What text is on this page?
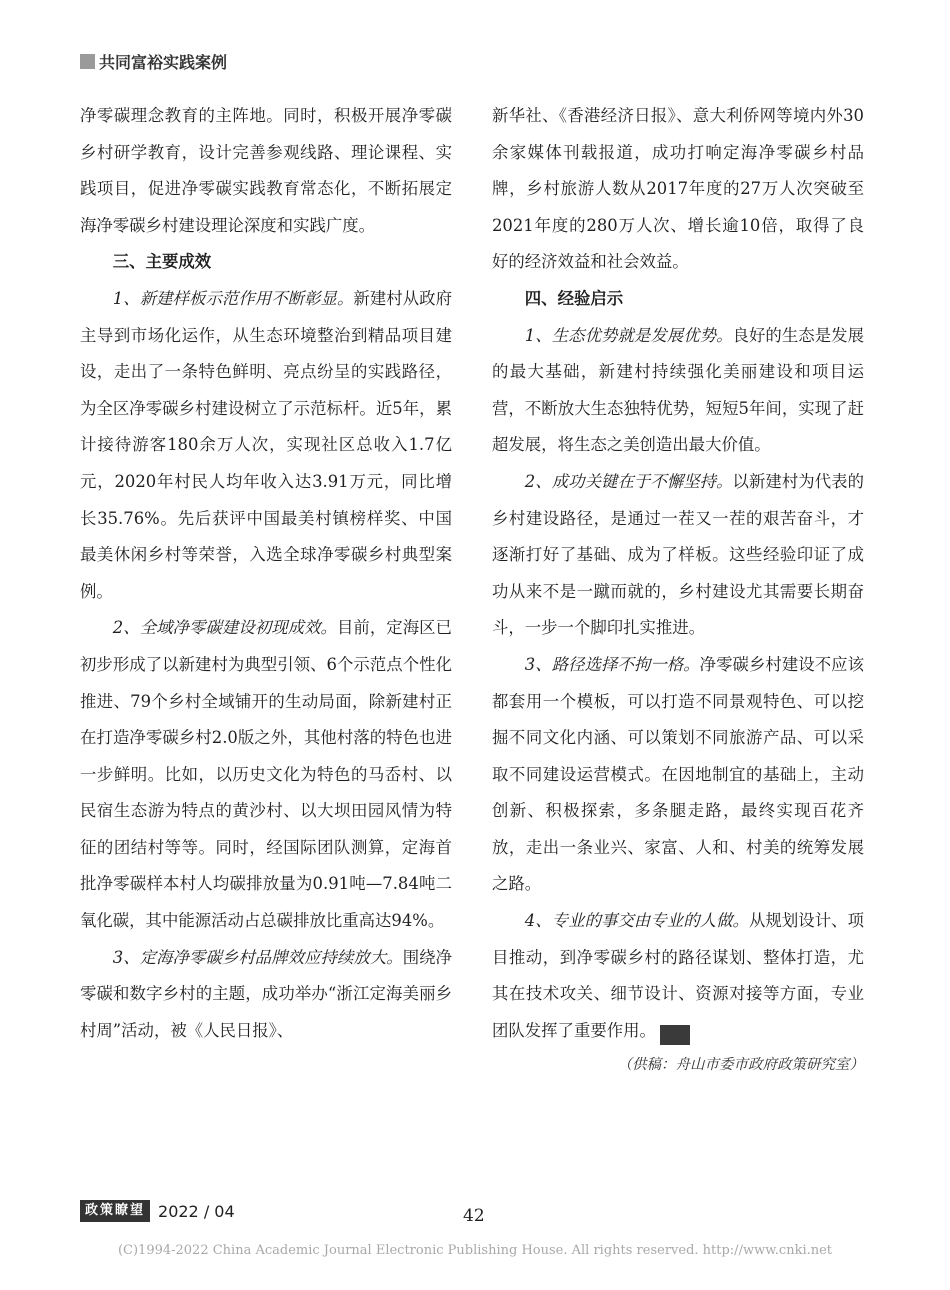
共同富裕实践案例

净零碳理念教育的主阵地。同时，积极开展净零碳乡村研学教育，设计完善参观线路、理论课程、实践项目，促进净零碳实践教育常态化，不断拓展定海净零碳乡村建设理论深度和实践广度。

三、主要成效

1、新建样板示范作用不断彰显。新建村从政府主导到市场化运作，从生态环境整治到精品项目建设，走出了一条特色鲜明、亮点纷呈的实践路径，为全区净零碳乡村建设树立了示范标杆。近5年，累计接待游客180余万人次，实现社区总收入1.7亿元，2020年村民人均年收入达3.91万元，同比增长35.76%。先后获评中国最美村镇榜样奖、中国最美休闲乡村等荣誉，入选全球净零碳乡村典型案例。

2、全域净零碳建设初现成效。目前，定海区已初步形成了以新建村为典型引领、6个示范点个性化推进、79个乡村全域铺开的生动局面，除新建村正在打造净零碳乡村2.0版之外，其他村落的特色也进一步鲜明。比如，以历史文化为特色的马岙村、以民宿生态游为特点的黄沙村、以大坝田园风情为特征的团结村等等。同时，经国际团队测算，定海首批净零碳样本村人均碳排放量为0.91吨—7.84吨二氧化碳，其中能源活动占总碳排放比重高达94%。

3、定海净零碳乡村品牌效应持续放大。围绕净零碳和数字乡村的主题，成功举办“浙江定海美丽乡村周”活动，被《人民日报》、

新华社、《香港经济日报》、意大利侨网等境内外30余家媒体刊载报道，成功打响定海净零碳乡村品牌，乡村旅游人数从2017年度的27万人次突破至2021年度的280万人次、增长逾10倍，取得了良好的经济效益和社会效益。

四、经验启示

1、生态优势就是发展优势。良好的生态是发展的最大基础，新建村持续强化美丽建设和项目运营，不断放大生态独特优势，短短5年间，实现了赶超发展，将生态之美创造出最大价值。

2、成功关键在于不懈坚持。以新建村为代表的乡村建设路径，是通过一茬又一茬的艰苦奋斗，才逐渐打好了基础、成为了样板。这些经验印证了成功从来不是一蹴而就的，乡村建设尤其需要长期奋斗，一步一个脚印扎实推进。

3、路径选择不拘一格。净零碳乡村建设不应该都套用一个模板，可以打造不同景观特色、可以挖掘不同文化内涵、可以策划不同旅游产品、可以采取不同建设运营模式。在因地制宜的基础上，主动创新、积极探索，多条腿走路，最终实现百花齐放，走出一条业兴、家富、人和、村美的统筹发展之路。

4、专业的事交由专业的人做。从规划设计、项目推动，到净零碳乡村的路径谋划、整体打造，尤其在技术攻关、细节设计、资源对接等方面，专业团队发挥了重要作用。	政

（供稿：舟山市委市政府政策研究室）
政策瞭望 2022 / 04	42
(C)1994-2022 China Academic Journal Electronic Publishing House. All rights reserved. http://www.cnki.net
